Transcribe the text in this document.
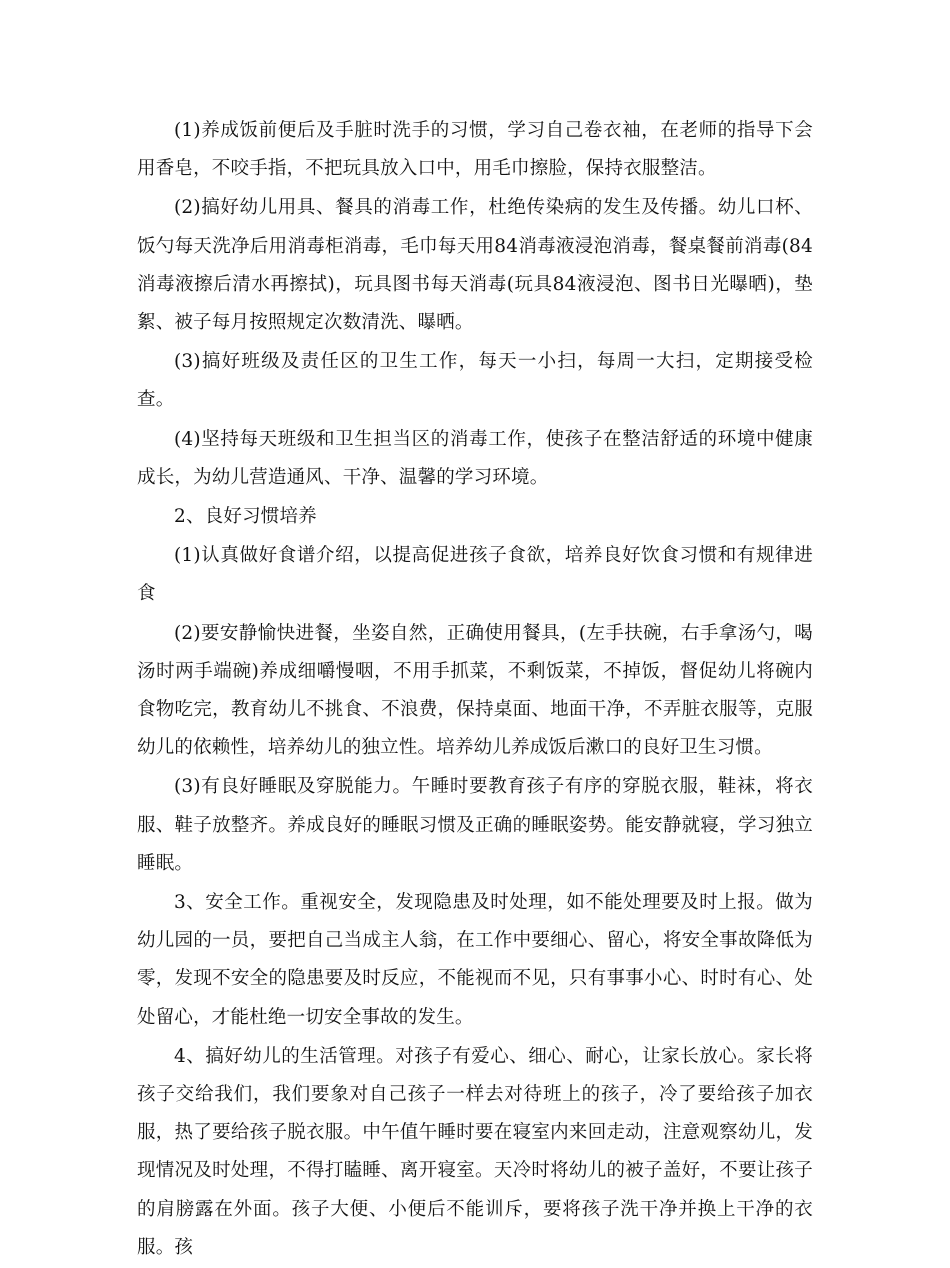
(1)养成饭前便后及手脏时洗手的习惯，学习自己卷衣袖，在老师的指导下会用香皂，不咬手指，不把玩具放入口中，用毛巾擦脸，保持衣服整洁。

(2)搞好幼儿用具、餐具的消毒工作，杜绝传染病的发生及传播。幼儿口杯、饭勺每天洗净后用消毒柜消毒，毛巾每天用84消毒液浸泡消毒，餐桌餐前消毒(84消毒液擦后清水再擦拭)，玩具图书每天消毒(玩具84液浸泡、图书日光曝晒)，垫絮、被子每月按照规定次数清洗、曝晒。

(3)搞好班级及责任区的卫生工作，每天一小扫，每周一大扫，定期接受检查。

(4)坚持每天班级和卫生担当区的消毒工作，使孩子在整洁舒适的环境中健康成长，为幼儿营造通风、干净、温馨的学习环境。

2、良好习惯培养

(1)认真做好食谱介绍，以提高促进孩子食欲，培养良好饮食习惯和有规律进食

(2)要安静愉快进餐，坐姿自然，正确使用餐具，(左手扶碗，右手拿汤勺，喝汤时两手端碗)养成细嚼慢咽，不用手抓菜，不剩饭菜，不掉饭，督促幼儿将碗内食物吃完，教育幼儿不挑食、不浪费，保持桌面、地面干净，不弄脏衣服等，克服幼儿的依赖性，培养幼儿的独立性。培养幼儿养成饭后漱口的良好卫生习惯。

(3)有良好睡眠及穿脱能力。午睡时要教育孩子有序的穿脱衣服，鞋袜，将衣服、鞋子放整齐。养成良好的睡眠习惯及正确的睡眠姿势。能安静就寝，学习独立睡眠。

3、安全工作。重视安全，发现隐患及时处理，如不能处理要及时上报。做为幼儿园的一员，要把自己当成主人翁，在工作中要细心、留心，将安全事故降低为零，发现不安全的隐患要及时反应，不能视而不见，只有事事小心、时时有心、处处留心，才能杜绝一切安全事故的发生。

4、搞好幼儿的生活管理。对孩子有爱心、细心、耐心，让家长放心。家长将孩子交给我们，我们要象对自己孩子一样去对待班上的孩子，冷了要给孩子加衣服，热了要给孩子脱衣服。中午值午睡时要在寝室内来回走动，注意观察幼儿，发现情况及时处理，不得打瞌睡、离开寝室。天冷时将幼儿的被子盖好，不要让孩子的肩膀露在外面。孩子大便、小便后不能训斥，要将孩子洗干净并换上干净的衣服。孩
